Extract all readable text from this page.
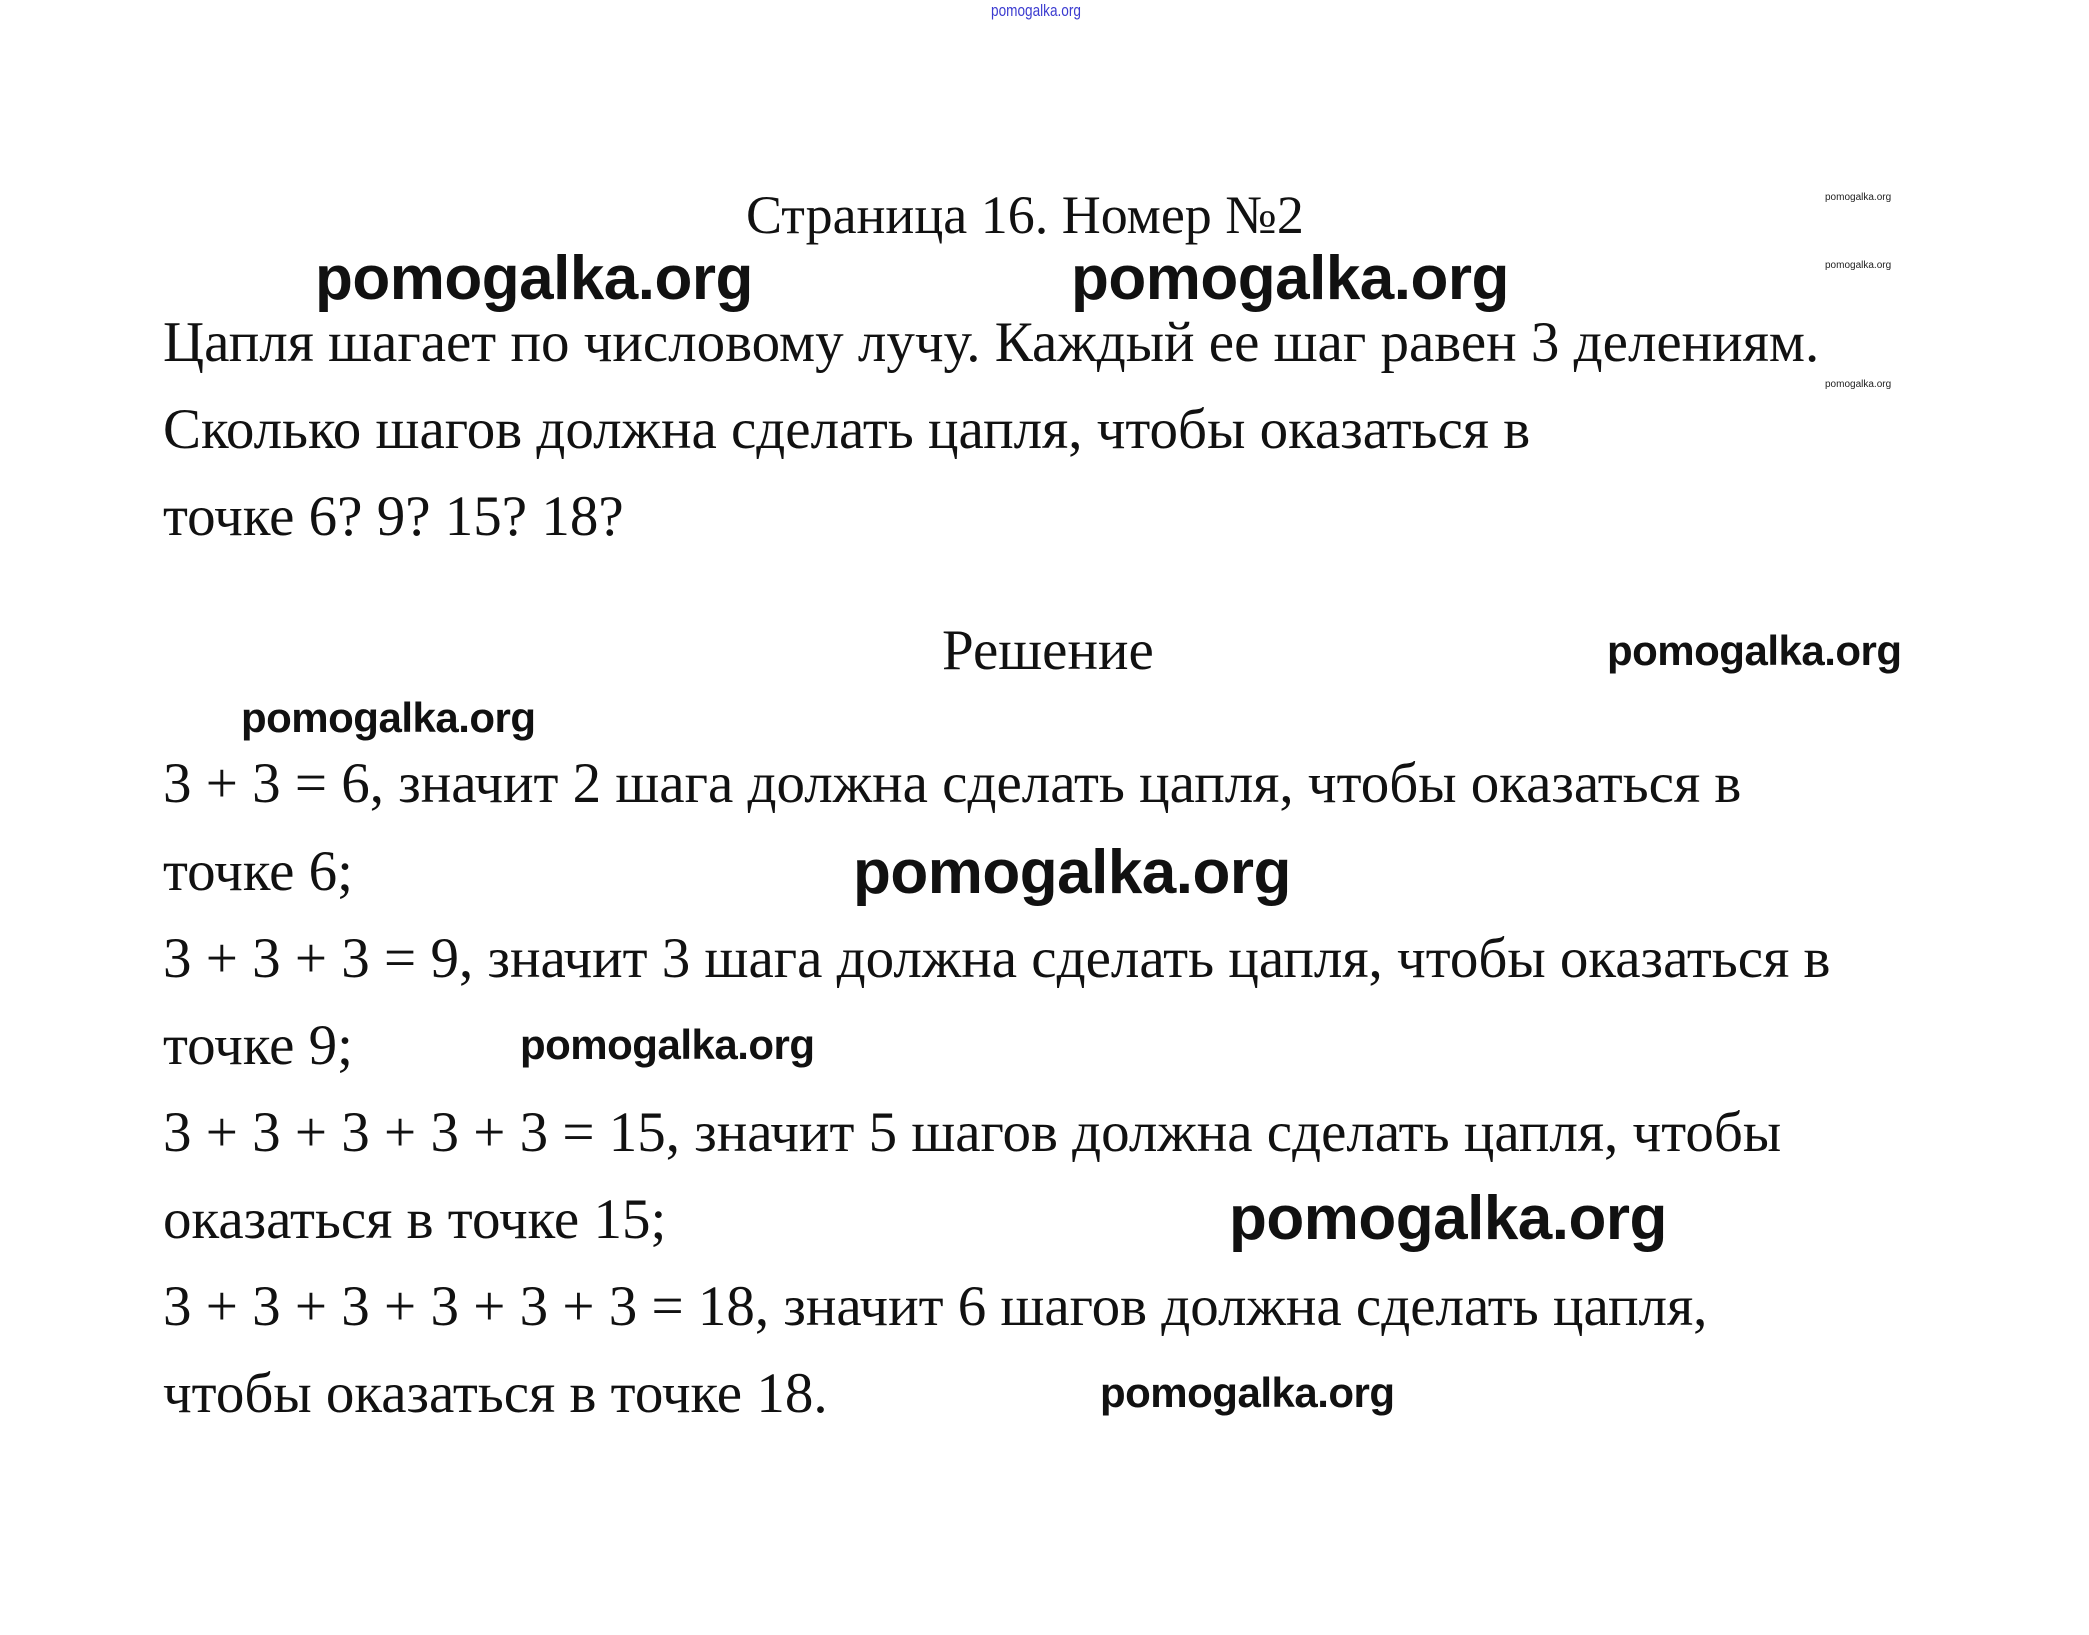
pomogalka.org
Страница 16. Номер №2
Цапля шагает по числовому лучу. Каждый ее шаг равен 3 делениям.
Сколько шагов должна сделать цапля, чтобы оказаться в
точке 6? 9? 15? 18?
Решение
3 + 3 = 6, значит 2 шага должна сделать цапля, чтобы оказаться в
точке 6;
3 + 3 + 3 = 9, значит 3 шага должна сделать цапля, чтобы оказаться в
точке 9;
3 + 3 + 3 + 3 + 3 = 15, значит 5 шагов должна сделать цапля, чтобы
оказаться в точке 15;
3 + 3 + 3 + 3 + 3 + 3 = 18, значит 6 шагов должна сделать цапля,
чтобы оказаться в точке 18.
pomogalka.org	pomogalka.org
pomogalka.org
pomogalka.org
pomogalka.org
pomogalka.org
pomogalka.org
pomogalka.org
pomogalka.org
pomogalka.org
pomogalka.org
